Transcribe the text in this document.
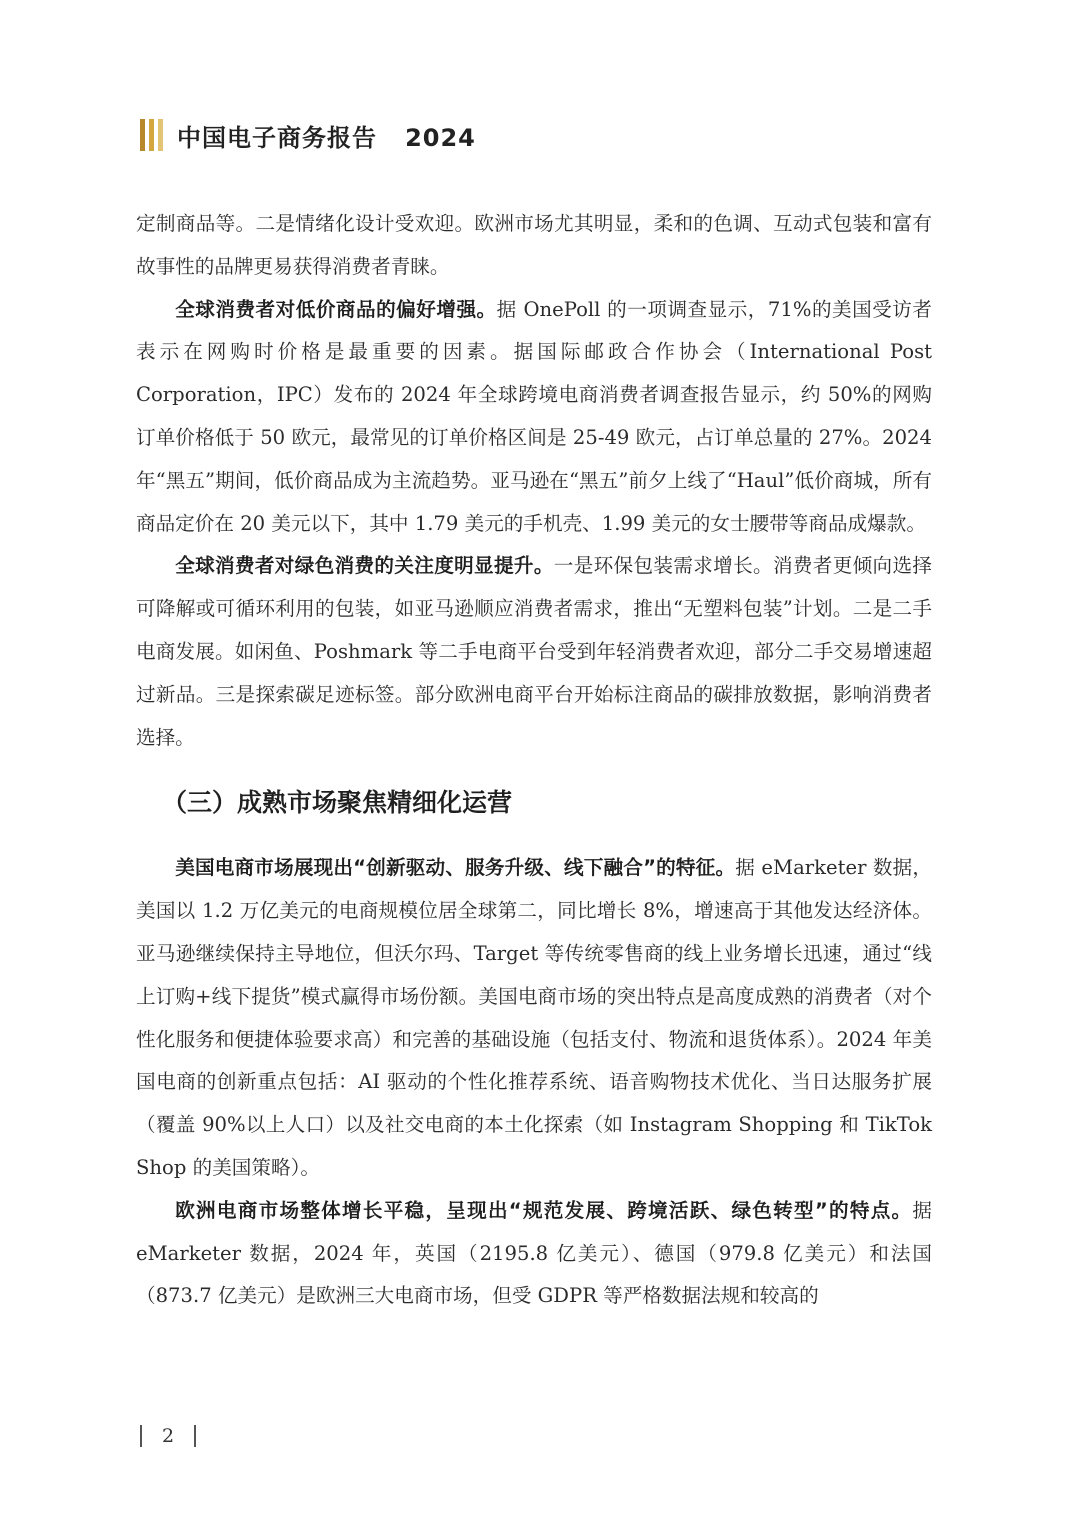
中国电子商务报告   2024

定制商品等。二是情绪化设计受欢迎。欧洲市场尤其明显，柔和的色调、互动式包装和富有故事性的品牌更易获得消费者青睐。

全球消费者对低价商品的偏好增强。据 OnePoll 的一项调查显示，71%的美国受访者表示在网购时价格是最重要的因素。据国际邮政合作协会（International Post Corporation，IPC）发布的 2024 年全球跨境电商消费者调查报告显示，约 50%的网购订单价格低于 50 欧元，最常见的订单价格区间是 25-49 欧元，占订单总量的 27%。2024 年“黑五”期间，低价商品成为主流趋势。亚马逊在“黑五”前夕上线了“Haul”低价商城，所有商品定价在 20 美元以下，其中 1.79 美元的手机壳、1.99 美元的女士腰带等商品成爆款。

全球消费者对绿色消费的关注度明显提升。一是环保包装需求增长。消费者更倾向选择可降解或可循环利用的包装，如亚马逊顺应消费者需求，推出“无塑料包装”计划。二是二手电商发展。如闲鱼、Poshmark 等二手电商平台受到年轻消费者欢迎，部分二手交易增速超过新品。三是探索碳足迹标签。部分欧洲电商平台开始标注商品的碳排放数据，影响消费者选择。

（三）成熟市场聚焦精细化运营

美国电商市场展现出“创新驱动、服务升级、线下融合”的特征。据 eMarketer 数据，美国以 1.2 万亿美元的电商规模位居全球第二，同比增长 8%，增速高于其他发达经济体。亚马逊继续保持主导地位，但沃尔玛、Target 等传统零售商的线上业务增长迅速，通过“线上订购+线下提货”模式赢得市场份额。美国电商市场的突出特点是高度成熟的消费者（对个性化服务和便捷体验要求高）和完善的基础设施（包括支付、物流和退货体系）。2024 年美国电商的创新重点包括：AI 驱动的个性化推荐系统、语音购物技术优化、当日达服务扩展（覆盖 90%以上人口）以及社交电商的本土化探索（如 Instagram Shopping 和 TikTok Shop 的美国策略）。

欧洲电商市场整体增长平稳，呈现出“规范发展、跨境活跃、绿色转型”的特点。据 eMarketer 数据，2024 年，英国（2195.8 亿美元）、德国（979.8 亿美元）和法国（873.7 亿美元）是欧洲三大电商市场，但受 GDPR 等严格数据法规和较高的

2
